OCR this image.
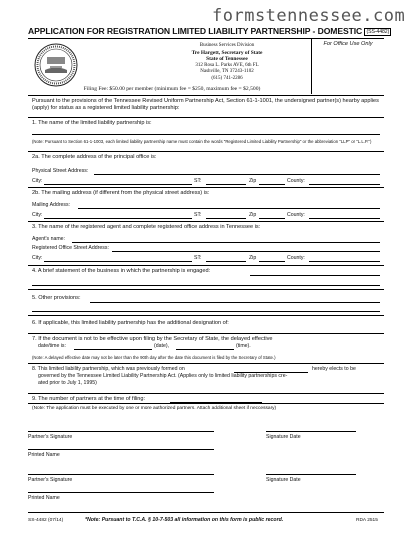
formstennessee.com
APPLICATION FOR REGISTRATION LIMITED LIABILITY PARTNERSHIP - DOMESTIC (SS-4482)
Business Services Division
Tre Hargett, Secretary of State
State of Tennessee
312 Rosa L. Parks AVE, 6th FL
Nashville, TN 37243-1102
(615) 741-2286
For Office Use Only
Filing Fee: $50.00 per member (minimum fee = $250, maximum fee = $2,500)
Pursuant to the provisions of the Tennessee Revised Uniform Partnership Act, Section 61-1-1001, the undersigned partner(s) hearby applies (apply) for status as a registered limited liability partnership:
1. The name of the limited liability partnership is:
(Note: Pursuant to Section 61-1-1003, each limited liability partnership name must contain the words "Registered Limited Liability Partnership" or the abbreviation "LLP" or "L.L.P.")
2a. The complete address of the principal office is:
Physical Street Address:
City:	ST:	Zip	County:
2b. The mailing address (if different from the physical street address) is:
Mailing Address:
City:	ST:	Zip	County:
3. The name of the registered agent and complete registered office address in Tennessee is:
Agent's name:
Registered Office Street Address:
City:	ST:	Zip	County:
4. A brief statement of the business in which the partnership is engaged:
5. Other provisions:
6. If applicable, this limited liability partnership has the additional designation of:
7. If the document is not to be effective upon filing by the Secretary of State, the delayed effective
date/time is:	(date),	(time).
(Note: A delayed effective date may not be later than the 90th day after the date this document is filed by the Secretary of State.)
8. This limited liability partnership, which was previously formed on	hereby elects to be
governed by the Tennessee Limited Liability Partnership Act. (Applies only to limited liability partnerships cre-
ated prior to July 1, 1995)
9. The number of partners at the time of filing:
(Note: The application must be executed by one or more authorized partners. Attach additional sheet if neccessary)
Partner's Signature	Signature Date
Printed Name
Partner's Signature	Signature Date
Printed Name
SS-4482 (07/14)	*Note: Pursuant to T.C.A. § 10-7-503 all information on this form is public record.	RDA 2515
